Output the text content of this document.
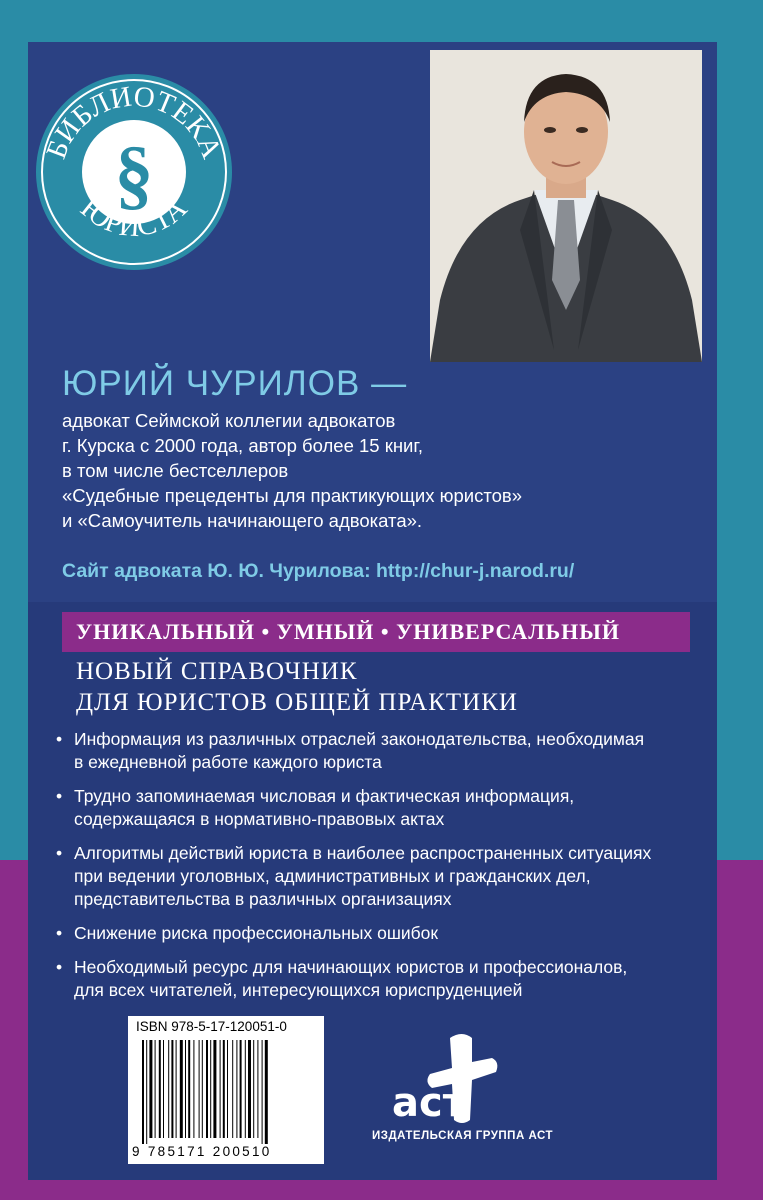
БИБЛИОТЕКА
ЮРИСТА
§
ЮРИЙ ЧУРИЛОВ —
адвокат Сеймской коллегии адвокатов
г. Курска с 2000 года, автор более 15 книг,
в том числе бестселлеров
«Судебные прецеденты для практикующих юристов»
и «Самоучитель начинающего адвоката».
Сайт адвоката Ю. Ю. Чурилова: http://chur-j.narod.ru/
УНИКАЛЬНЫЙ • УМНЫЙ • УНИВЕРСАЛЬНЫЙ
НОВЫЙ СПРАВОЧНИК
ДЛЯ ЮРИСТОВ ОБЩЕЙ ПРАКТИКИ
• Информация из различных отраслей законодательства, необходимая
в ежедневной работе каждого юриста
• Трудно запоминаемая числовая и фактическая информация,
содержащаяся в нормативно-правовых актах
• Алгоритмы действий юриста в наиболее распространенных ситуациях
при ведении уголовных, административных и гражданских дел,
представительства в различных организациях
• Снижение риска профессиональных ошибок
• Необходимый ресурс для начинающих юристов и профессионалов,
для всех читателей, интересующихся юриспруденцией
ISBN 978-5-17-120051-0
9 785171 200510
аст
ИЗДАТЕЛЬСКАЯ ГРУППА АСТ
